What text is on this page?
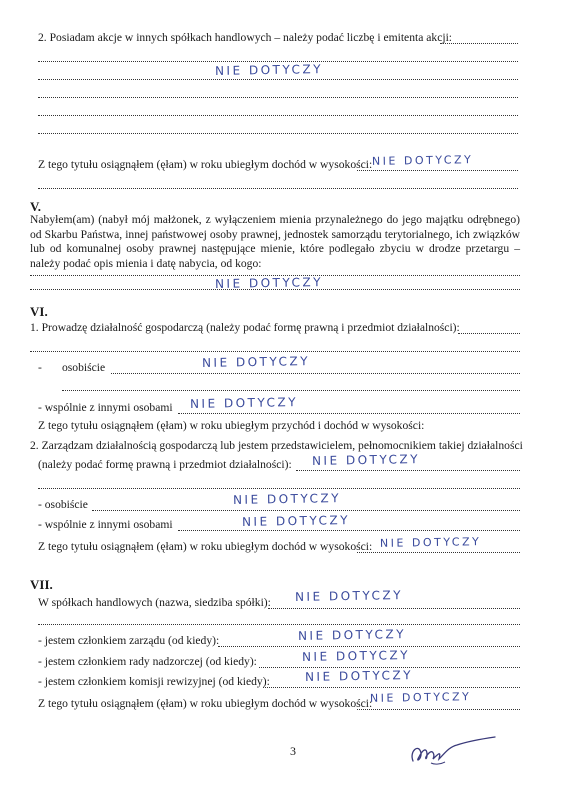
2. Posiadam akcje w innych spółkach handlowych – należy podać liczbę i emitenta akcji:
NIE DOTYCZY
Z tego tytułu osiągnąłem (ęłam) w roku ubiegłym dochód w wysokości: NIE DOTYCZY
V.
Nabyłem(am) (nabył mój małżonek, z wyłączeniem mienia przynależnego do jego majątku odrębnego) od Skarbu Państwa, innej państwowej osoby prawnej, jednostek samorządu terytorialnego, ich związków lub od komunalnej osoby prawnej następujące mienie, które podlegało zbyciu w drodze przetargu – należy podać opis mienia i datę nabycia, od kogo:
NIE DOTYCZY
VI.
1. Prowadzę działalność gospodarczą (należy podać formę prawną i przedmiot działalności):
- osobiście	NIE DOTYCZY
- wspólnie z innymi osobami NIE DOTYCZY
Z tego tytułu osiągnąłem (ęłam) w roku ubiegłym przychód i dochód w wysokości:
2. Zarządzam działalnością gospodarczą lub jestem przedstawicielem, pełnomocnikiem takiej działalności
(należy podać formę prawną i przedmiot działalności): NIE DOTYCZY
- osobiście	NIE DOTYCZY
- wspólnie z innymi osobami	NIE DOTYCZY
Z tego tytułu osiągnąłem (ęłam) w roku ubiegłym dochód w wysokości: NIE DOTYCZY
VII.
W spółkach handlowych (nazwa, siedziba spółki): NIE DOTYCZY
- jestem członkiem zarządu (od kiedy):	NIE DOTYCZY
- jestem członkiem rady nadzorczej (od kiedy):	NIE DOTYCZY
- jestem członkiem komisji rewizyjnej (od kiedy):	NIE DOTYCZY
Z tego tytułu osiągnąłem (ęłam) w roku ubiegłym dochód w wysokości:
NIE DOTYCZY
3
